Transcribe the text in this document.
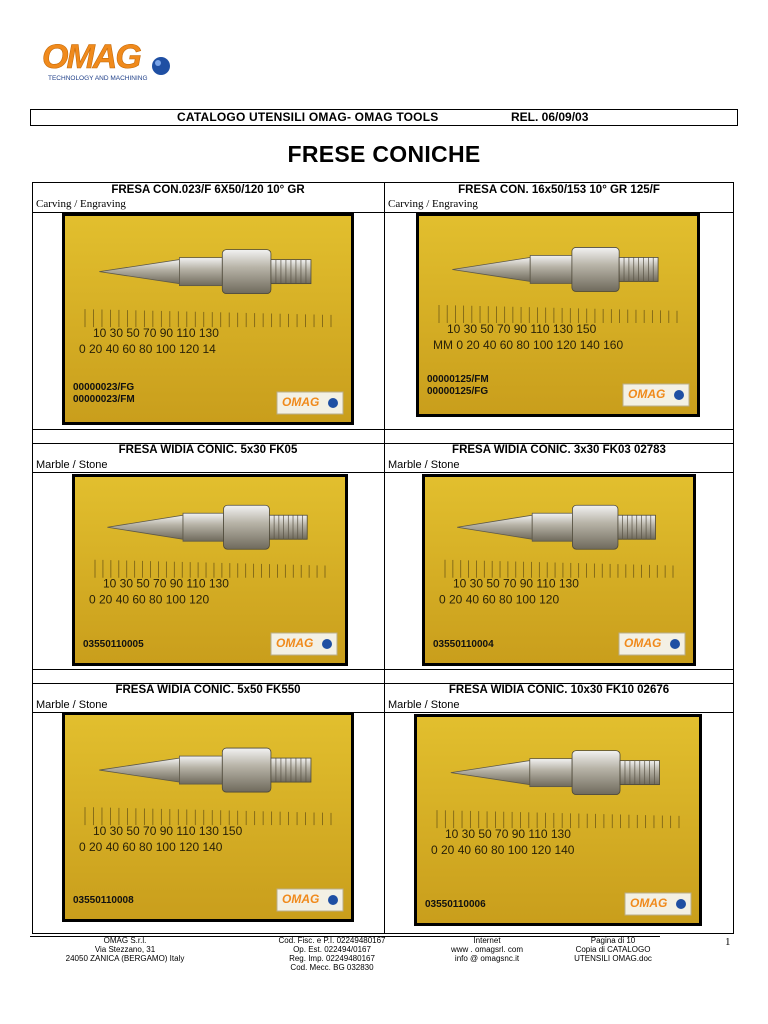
OMAG
TECHNOLOGY AND MACHINING
CATALOGO UTENSILI OMAG- OMAG TOOLS	REL. 06/09/03
FRESE CONICHE
FRESA CON.023/F 6X50/120 10° GR
Carving / Engraving
FRESA CON. 16x50/153 10° GR 125/F
Carving / Engraving
FRESA WIDIA CONIC. 5x30 FK05
Marble / Stone
FRESA WIDIA CONIC. 3x30 FK03 02783
Marble / Stone
FRESA WIDIA CONIC. 5x50 FK550
Marble / Stone
FRESA WIDIA CONIC. 10x30 FK10 02676
Marble / Stone
10 30 50 70 90 110 130
0 20 40 60 80 100 120 14
00000023/FG
00000023/FM	OMAG
10 30 50 70 90 110 130 150
MM 0 20 40 60 80 100 120 140 160
00000125/FM
00000125/FG	OMAG
10 30 50 70 90 110 130
0 20 40 60 80 100 120
03550110005	OMAG
10 30 50 70 90 110 130
0 20 40 60 80 100 120
03550110004	OMAG
10 30 50 70 90 110 130 150
0 20 40 60 80 100 120 140
03550110008	OMAG
10 30 50 70 90 110 130
0 20 40 60 80 100 120 140
03550110006	OMAG
1
OMAG S.r.l.
Via Stezzano, 31
24050 ZANICA (BERGAMO) Italy
Cod. Fisc. e P.I. 02249480167
Op. Est. 022494/0167
Reg. Imp. 02249480167
Cod. Mecc. BG 032830
Internet
www . omagsrl. com
info @ omagsnc.it
Pagina di 10
Copia di CATALOGO
UTENSILI OMAG.doc
